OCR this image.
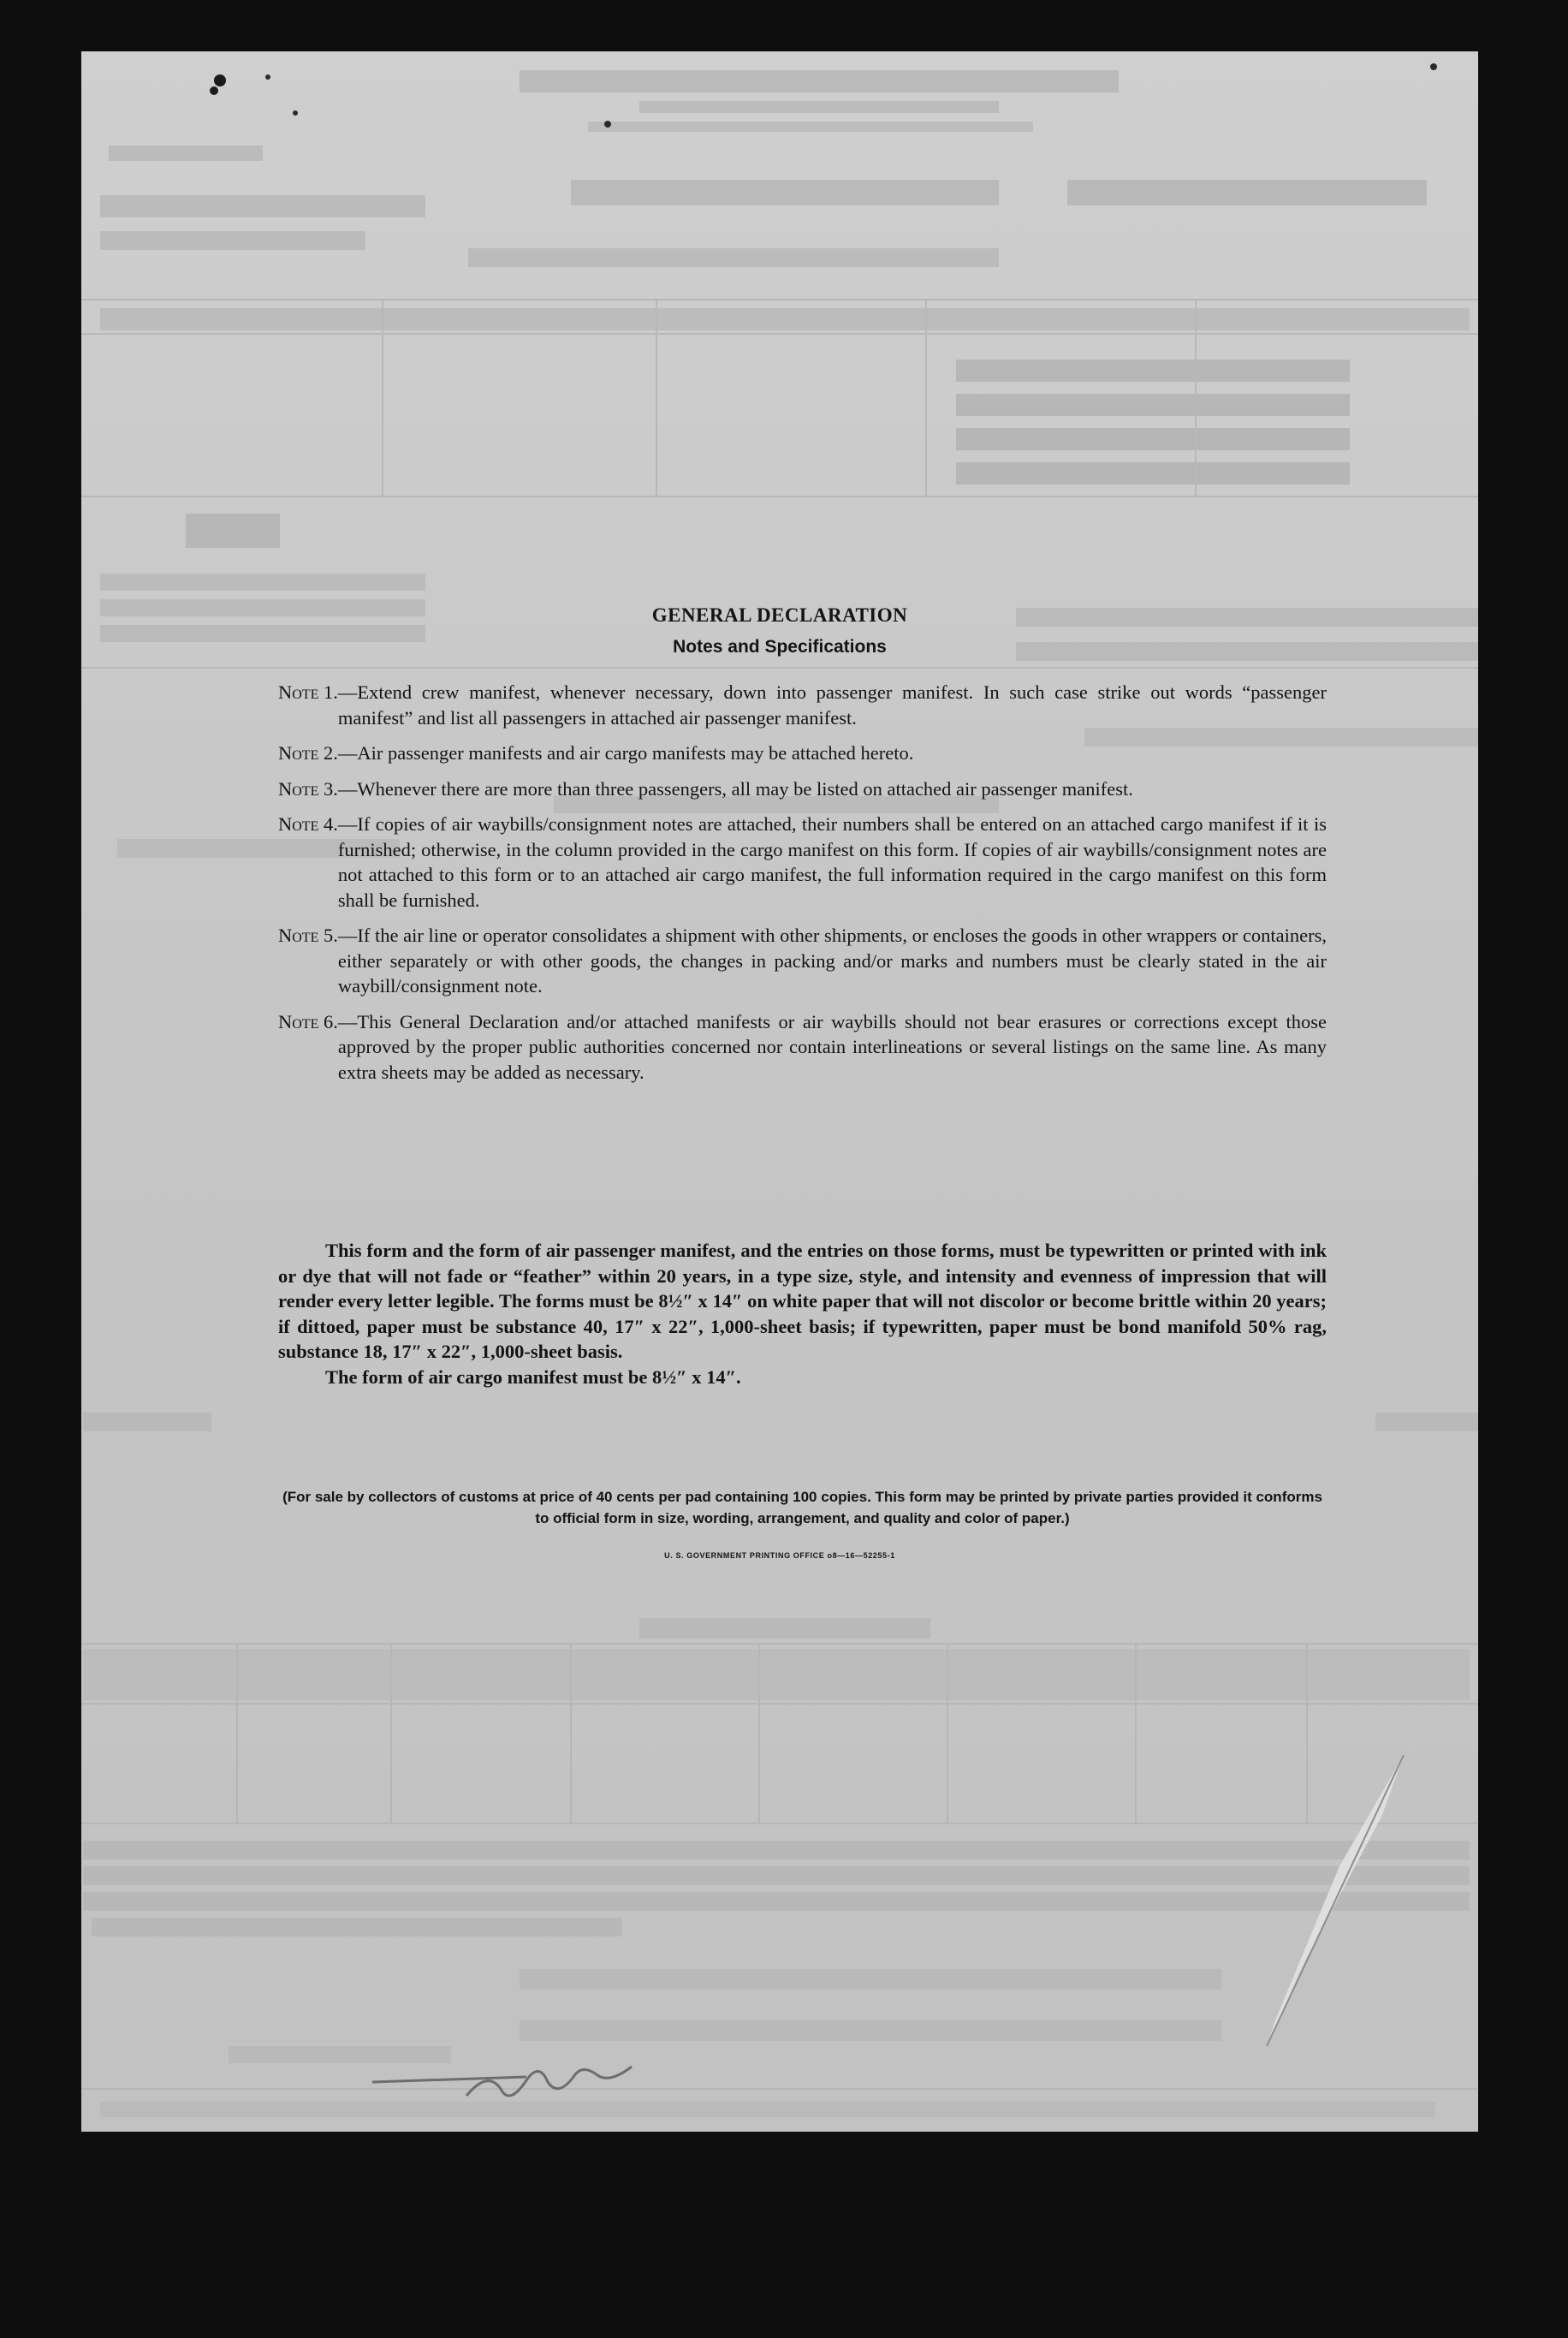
GENERAL DECLARATION
Notes and Specifications
Note 1. —Extend crew manifest, whenever necessary, down into passenger manifest. In such case strike out words “passenger manifest” and list all passengers in attached air passenger manifest.
Note 2. —Air passenger manifests and air cargo manifests may be attached hereto.
Note 3. —Whenever there are more than three passengers, all may be listed on attached air passenger manifest.
Note 4. —If copies of air waybills/consignment notes are attached, their numbers shall be entered on an attached cargo manifest if it is furnished; otherwise, in the column provided in the cargo manifest on this form. If copies of air waybills/consignment notes are not attached to this form or to an attached air cargo manifest, the full information required in the cargo manifest on this form shall be furnished.
Note 5. —If the air line or operator consolidates a shipment with other shipments, or encloses the goods in other wrappers or containers, either separately or with other goods, the changes in packing and/or marks and numbers must be clearly stated in the air waybill/consignment note.
Note 6. —This General Declaration and/or attached manifests or air waybills should not bear erasures or corrections except those approved by the proper public authorities concerned nor contain interlineations or several listings on the same line. As many extra sheets may be added as necessary.
This form and the form of air passenger manifest, and the entries on those forms, must be typewritten or printed with ink or dye that will not fade or “feather” within 20 years, in a type size, style, and intensity and evenness of impression that will render every letter legible. The forms must be 8½″ x 14″ on white paper that will not discolor or become brittle within 20 years; if dittoed, paper must be substance 40, 17″ x 22″, 1,000-sheet basis; if typewritten, paper must be bond manifold 50% rag, substance 18, 17″ x 22″, 1,000-sheet basis.
The form of air cargo manifest must be 8½″ x 14″.
(For sale by collectors of customs at price of 40 cents per pad containing 100 copies. This form may be printed by private parties provided it conforms to official form in size, wording, arrangement, and quality and color of paper.)
U. S. GOVERNMENT PRINTING OFFICE o8—16—52255-1
